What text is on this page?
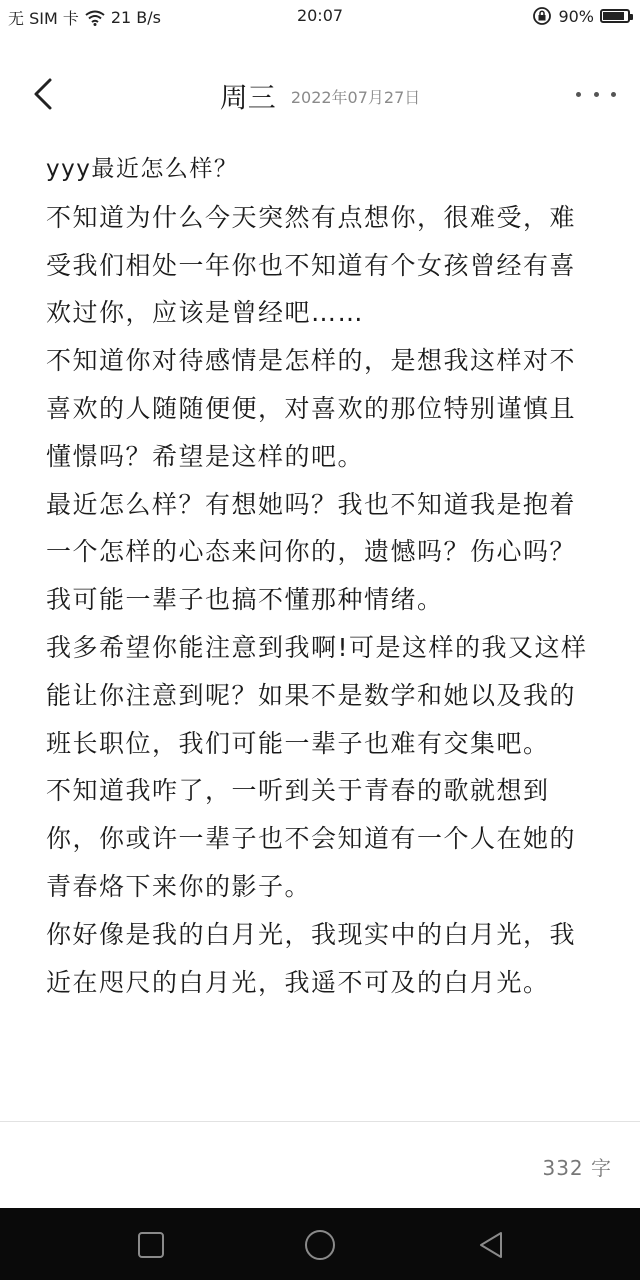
无 SIM 卡 21 B/s	20:07	90%
周三 2022年07月27日

yyy最近怎么样？

不知道为什么今天突然有点想你，很难受，难受我们相处一年你也不知道有个女孩曾经有喜欢过你，应该是曾经吧……

不知道你对待感情是怎样的，是想我这样对不喜欢的人随随便便，对喜欢的那位特别谨慎且懂憬吗？希望是这样的吧。

最近怎么样？有想她吗？我也不知道我是抱着一个怎样的心态来问你的，遗憾吗？伤心吗？我可能一辈子也搞不懂那种情绪。

我多希望你能注意到我啊!可是这样的我又这样能让你注意到呢？如果不是数学和她以及我的班长职位，我们可能一辈子也难有交集吧。

不知道我咋了，一听到关于青春的歌就想到你，你或许一辈子也不会知道有一个人在她的青春烙下来你的影子。

你好像是我的白月光，我现实中的白月光，我近在咫尺的白月光，我遥不可及的白月光。

332 字
